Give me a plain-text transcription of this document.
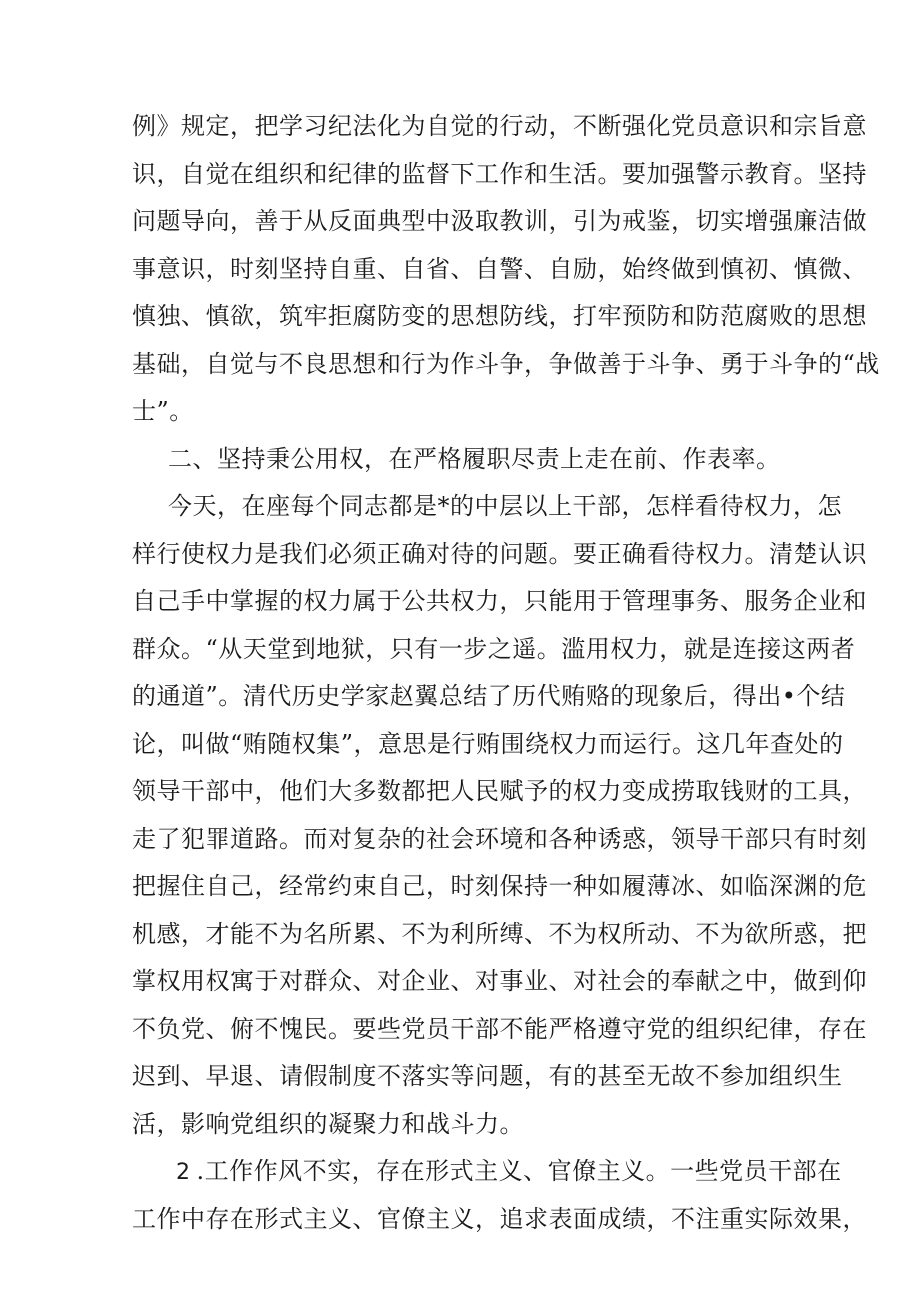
例》规定，把学习纪法化为自觉的行动，不断强化党员意识和宗旨意
识，自觉在组织和纪律的监督下工作和生活。要加强警示教育。坚持
问题导向，善于从反面典型中汲取教训，引为戒鉴，切实增强廉洁做
事意识，时刻坚持自重、自省、自警、自励，始终做到慎初、慎微、
慎独、慎欲，筑牢拒腐防变的思想防线，打牢预防和防范腐败的思想
基础，自觉与不良思想和行为作斗争，争做善于斗争、勇于斗争的“战
士”。
二、坚持秉公用权，在严格履职尽责上走在前、作表率。
今天，在座每个同志都是*的中层以上干部，怎样看待权力，怎
样行使权力是我们必须正确对待的问题。要正确看待权力。清楚认识
自己手中掌握的权力属于公共权力，只能用于管理事务、服务企业和
群众。“从天堂到地狱，只有一步之遥。滥用权力，就是连接这两者
的通道”。清代历史学家赵翼总结了历代贿赂的现象后，得出•个结
论，叫做“贿随权集”，意思是行贿围绕权力而运行。这几年查处的
领导干部中，他们大多数都把人民赋予的权力变成捞取钱财的工具，
走了犯罪道路。而对复杂的社会环境和各种诱惑，领导干部只有时刻
把握住自己，经常约束自己，时刻保持一种如履薄冰、如临深渊的危
机感，才能不为名所累、不为利所缚、不为权所动、不为欲所惑，把
掌权用权寓于对群众、对企业、对事业、对社会的奉献之中，做到仰
不负党、俯不愧民。要些党员干部不能严格遵守党的组织纪律，存在
迟到、早退、请假制度不落实等问题，有的甚至无故不参加组织生
活，影响党组织的凝聚力和战斗力。
2 .工作作风不实，存在形式主义、官僚主义。一些党员干部在
工作中存在形式主义、官僚主义，追求表面成绩，不注重实际效果，
